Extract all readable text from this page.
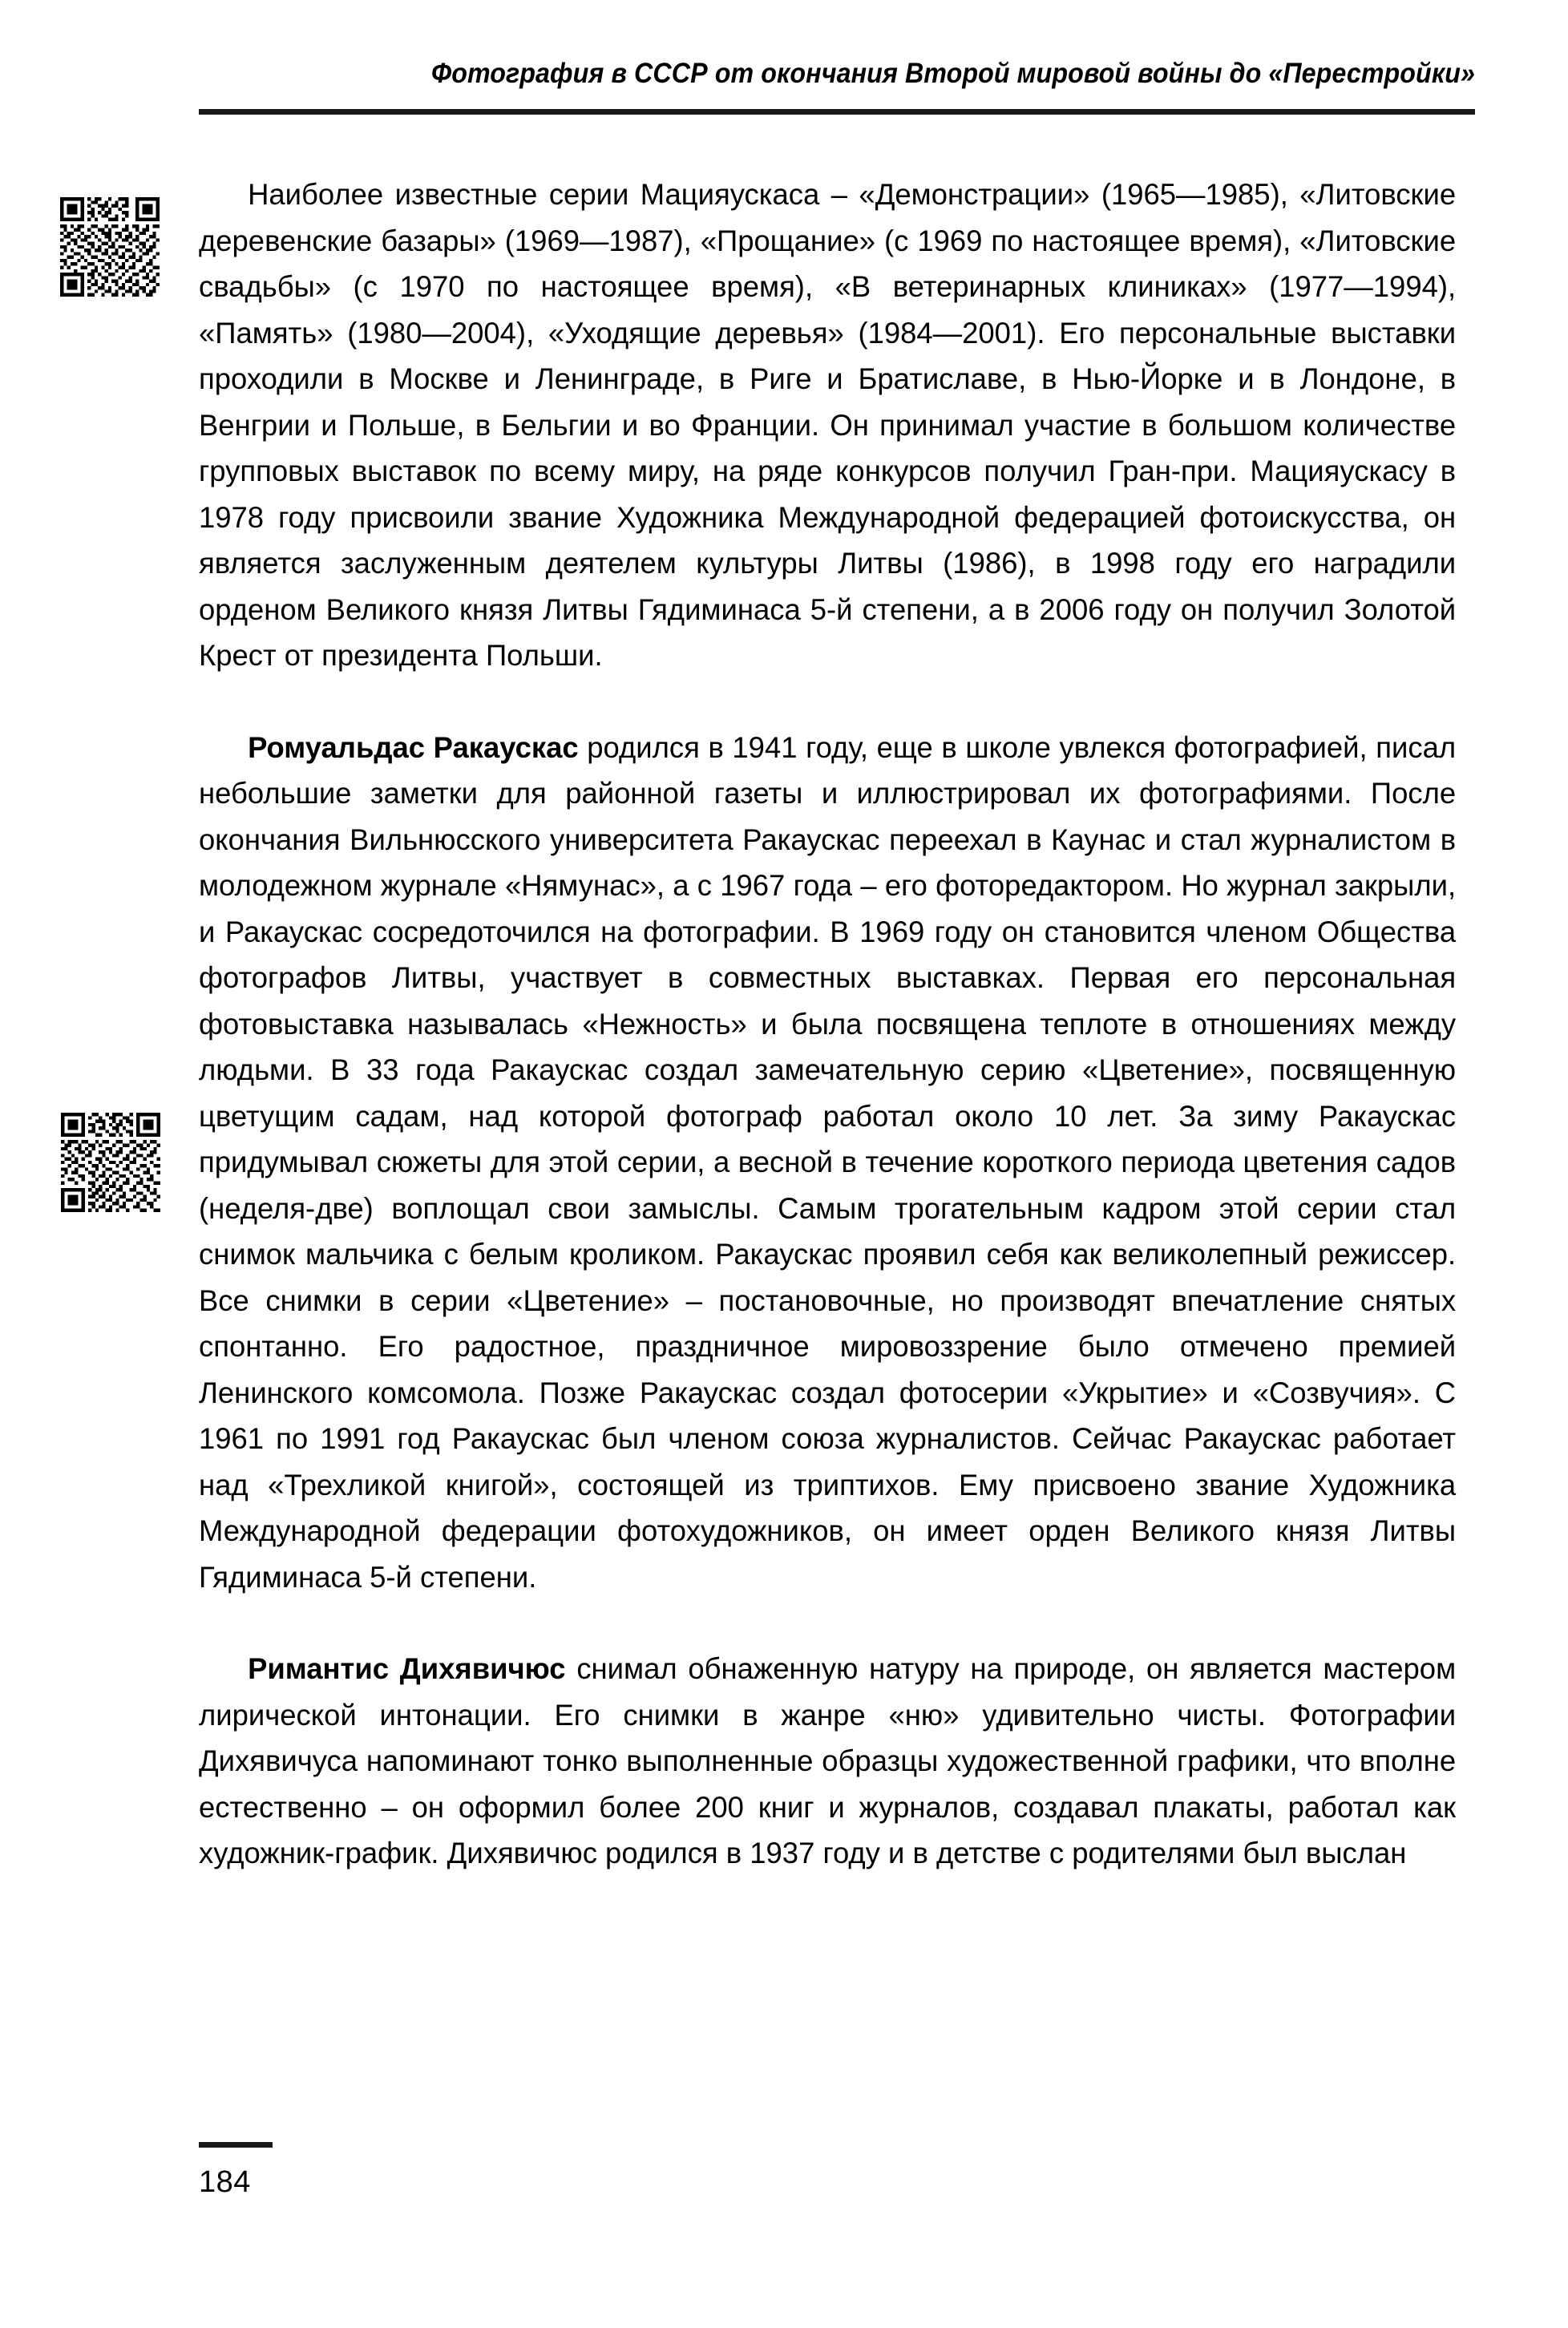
Фотография в СССР от окончания Второй мировой войны до «Перестройки»

Наиболее известные серии Мацияускаса – «Демонстрации» (1965—1985), «Литовские деревенские базары» (1969—1987), «Прощание» (с 1969 по настоящее время), «Литовские свадьбы» (с 1970 по настоящее время), «В ветеринарных клиниках» (1977—1994), «Память» (1980—2004), «Уходящие деревья» (1984—2001). Его персональные выставки проходили в Москве и Ленинграде, в Риге и Братиславе, в Нью-Йорке и в Лондоне, в Венгрии и Польше, в Бельгии и во Франции. Он принимал участие в большом количестве групповых выставок по всему миру, на ряде конкурсов получил Гран-при. Мацияускасу в 1978 году присвоили звание Художника Международной федерацией фотоискусства, он является заслуженным деятелем культуры Литвы (1986), в 1998 году его наградили орденом Великого князя Литвы Гядиминаса 5-й степени, а в 2006 году он получил Золотой Крест от президента Польши.

Ромуальдас Ракаускас родился в 1941 году, еще в школе увлекся фотографией, писал небольшие заметки для районной газеты и иллюстрировал их фотографиями. После окончания Вильнюсского университета Ракаускас переехал в Каунас и стал журналистом в молодежном журнале «Нямунас», а с 1967 года – его фоторедактором. Но журнал закрыли, и Ракаускас сосредоточился на фотографии. В 1969 году он становится членом Общества фотографов Литвы, участвует в совместных выставках. Первая его персональная фотовыставка называлась «Нежность» и была посвящена теплоте в отношениях между людьми. В 33 года Ракаускас создал замечательную серию «Цветение», посвященную цветущим садам, над которой фотограф работал около 10 лет. За зиму Ракаускас придумывал сюжеты для этой серии, а весной в течение короткого периода цветения садов (неделя-две) воплощал свои замыслы. Самым трогательным кадром этой серии стал снимок мальчика с белым кроликом. Ракаускас проявил себя как великолепный режиссер. Все снимки в серии «Цветение» – постановочные, но производят впечатление снятых спонтанно. Его радостное, праздничное мировоззрение было отмечено премией Ленинского комсомола. Позже Ракаускас создал фотосерии «Укрытие» и «Созвучия». С 1961 по 1991 год Ракаускас был членом союза журналистов. Сейчас Ракаускас работает над «Трехликой книгой», состоящей из триптихов. Ему присвоено звание Художника Международной федерации фотохудожников, он имеет орден Великого князя Литвы Гядиминаса 5-й степени.

Римантис Дихявичюс снимал обнаженную натуру на природе, он является мастером лирической интонации. Его снимки в жанре «ню» удивительно чисты. Фотографии Дихявичуса напоминают тонко выполненные образцы художественной графики, что вполне естественно – он оформил более 200 книг и журналов, создавал плакаты, работал как художник-график. Дихявичюс родился в 1937 году и в детстве с родителями был выслан

184
